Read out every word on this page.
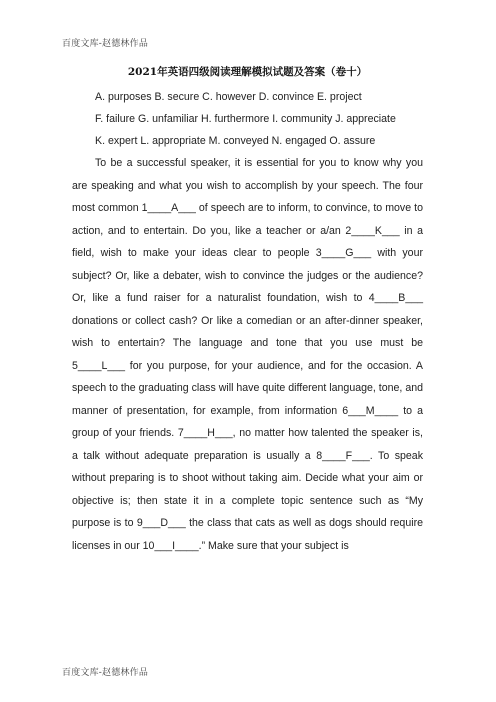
百度文库-赵德林作品
2021年英语四级阅读理解模拟试题及答案（卷十）
A. purposes B. secure C. however D. convince E. project
F. failure G. unfamiliar H. furthermore I. community J. appreciate
K. expert L. appropriate M. conveyed N. engaged O. assure

To be a successful speaker, it is essential for you to know why you are speaking and what you wish to accomplish by your speech. The four most common 1____A___ of speech are to inform, to convince, to move to action, and to entertain. Do you, like a teacher or a/an 2____K___ in a field, wish to make your ideas clear to people 3____G___ with your subject? Or, like a debater, wish to convince the judges or the audience? Or, like a fund raiser for a naturalist foundation, wish to 4____B___ donations or collect cash? Or like a comedian or an after-dinner speaker, wish to entertain? The language and tone that you use must be 5____L___ for you purpose, for your audience, and for the occasion. A speech to the graduating class will have quite different language, tone, and manner of presentation, for example, from information 6___M____ to a group of your friends. 7____H___, no matter how talented the speaker is, a talk without adequate preparation is usually a 8____F___. To speak without preparing is to shoot without taking aim. Decide what your aim or objective is; then state it in a complete topic sentence such as “My purpose is to 9___D___ the class that cats as well as dogs should require licenses in our 10___I____.” Make sure that your subject is

百度文库-赵德林作品
